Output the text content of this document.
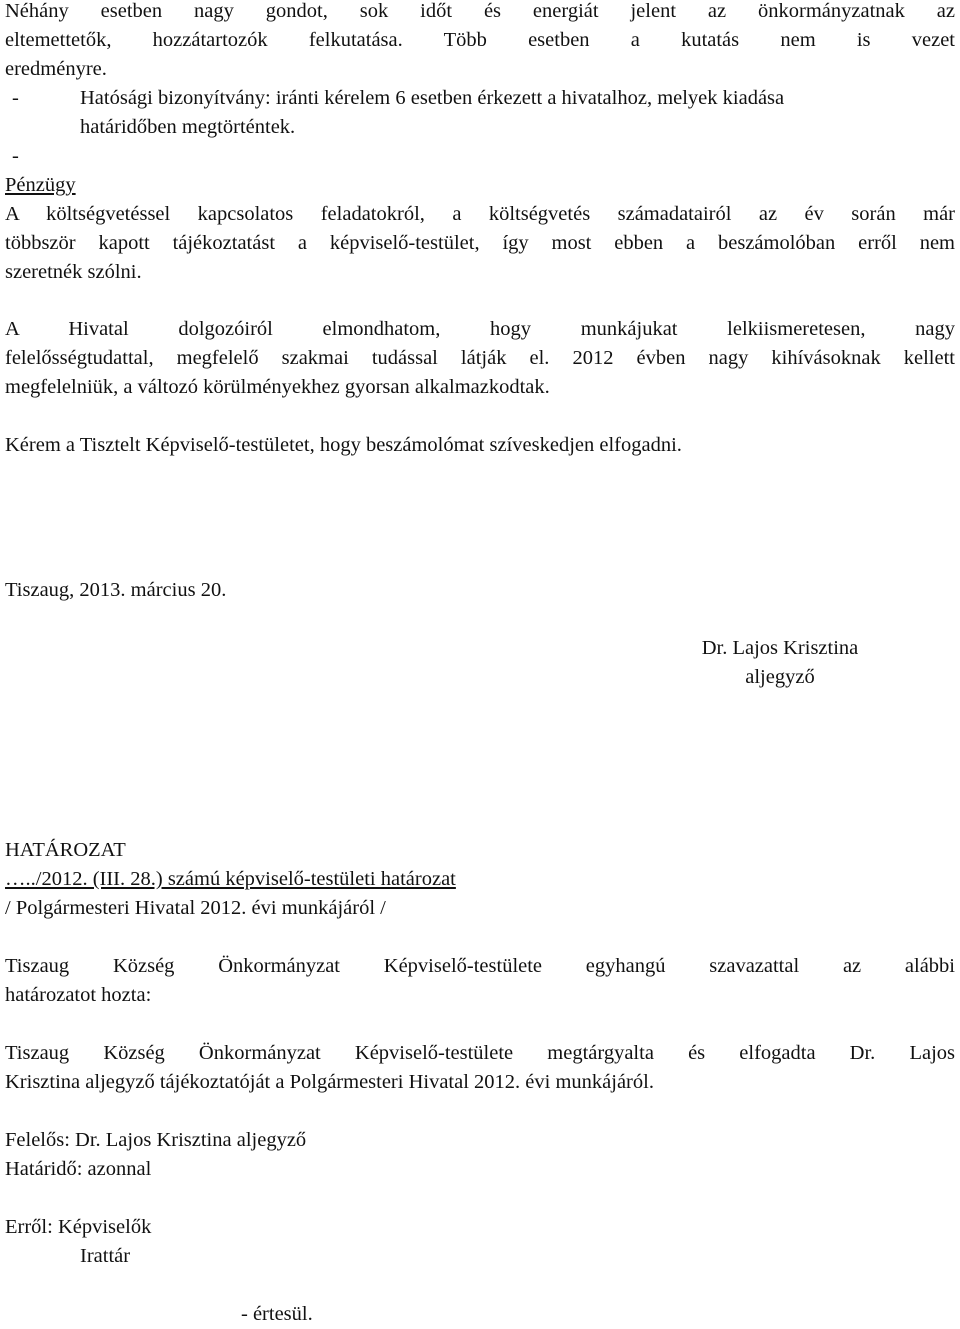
Néhány esetben nagy gondot, sok időt és energiát jelent az önkormányzatnak az
eltemettetők, hozzátartozók felkutatása. Több esetben a kutatás nem is vezet
eredményre.
-	Hatósági bizonyítvány: iránti kérelem 6 esetben érkezett a hivatalhoz, melyek kiadása
határidőben megtörténtek.
-
Pénzügy
A költségvetéssel kapcsolatos feladatokról, a költségvetés számadatairól az év során már
többször kapott tájékoztatást a képviselő-testület, így most ebben a beszámolóban erről nem
szeretnék szólni.
A Hivatal dolgozóiról elmondhatom, hogy munkájukat lelkiismeretesen, nagy
felelősségtudattal, megfelelő szakmai tudással látják el. 2012 évben nagy kihívásoknak kellett
megfelelniük, a változó körülményekhez gyorsan alkalmazkodtak.
Kérem a Tisztelt Képviselő-testületet, hogy beszámolómat szíveskedjen elfogadni.
Tiszaug, 2013. március 20.
Dr. Lajos Krisztina
aljegyző
HATÁROZAT
…../2012. (III. 28.) számú képviselő-testületi határozat
/ Polgármesteri Hivatal 2012. évi munkájáról /
Tiszaug Község Önkormányzat Képviselő-testülete egyhangú szavazattal az alábbi
határozatot hozta:
Tiszaug Község Önkormányzat Képviselő-testülete megtárgyalta és elfogadta Dr. Lajos
Krisztina aljegyző tájékoztatóját a Polgármesteri Hivatal 2012. évi munkájáról.
Felelős: Dr. Lajos Krisztina aljegyző
Határidő: azonnal
Erről: Képviselők
Irattár
- értesül.
